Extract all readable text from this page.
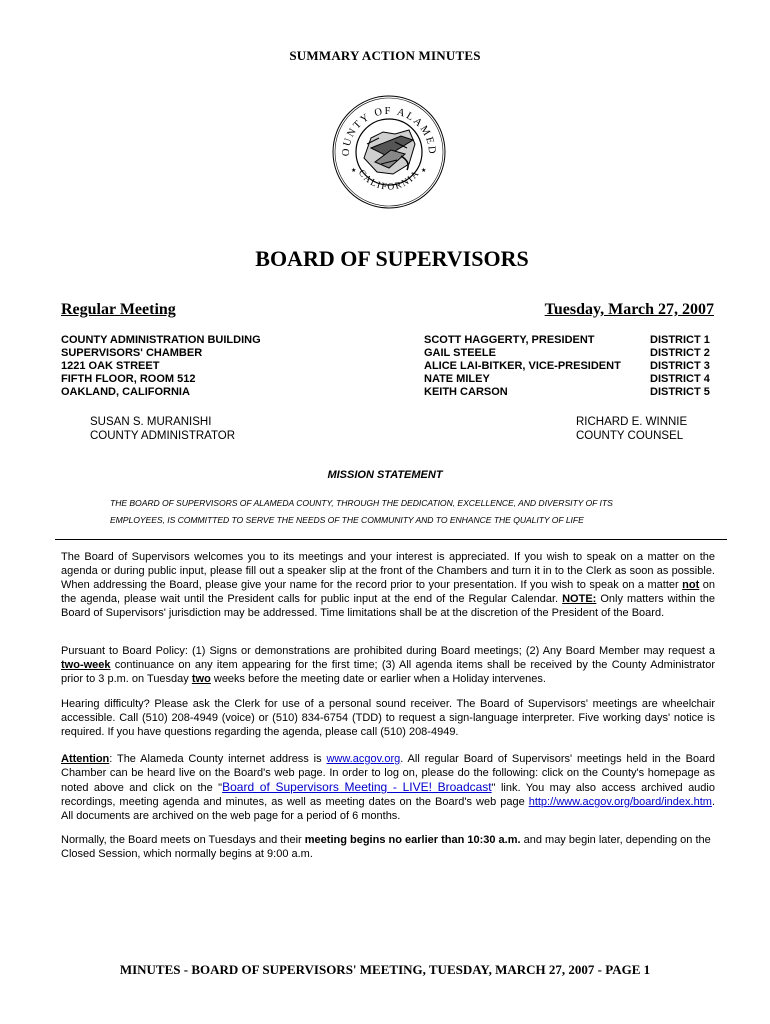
SUMMARY ACTION MINUTES
OUNTY OF ALAMED
CALIFORNIA
★	★
BOARD OF SUPERVISORS
Regular Meeting	Tuesday, March 27, 2007
COUNTY ADMINISTRATION BUILDING
SUPERVISORS' CHAMBER
1221 OAK STREET
FIFTH FLOOR, ROOM 512
OAKLAND, CALIFORNIA
SCOTT HAGGERTY, PRESIDENT
GAIL STEELE
ALICE LAI-BITKER, VICE-PRESIDENT
NATE MILEY
KEITH CARSON
DISTRICT 1
DISTRICT 2
DISTRICT 3
DISTRICT 4
DISTRICT 5
SUSAN S. MURANISHI
COUNTY ADMINISTRATOR
RICHARD E. WINNIE
COUNTY COUNSEL
MISSION STATEMENT
THE BOARD OF SUPERVISORS OF ALAMEDA COUNTY, THROUGH THE DEDICATION, EXCELLENCE, AND DIVERSITY OF ITS
EMPLOYEES, IS COMMITTED TO SERVE THE NEEDS OF THE COMMUNITY AND TO ENHANCE THE QUALITY OF LIFE
The Board of Supervisors welcomes you to its meetings and your interest is appreciated. If you wish to speak on a matter on the agenda or during public input, please fill out a speaker slip at the front of the Chambers and turn it in to the Clerk as soon as possible. When addressing the Board, please give your name for the record prior to your presentation. If you wish to speak on a matter not on the agenda, please wait until the President calls for public input at the end of the Regular Calendar. NOTE: Only matters within the Board of Supervisors' jurisdiction may be addressed. Time limitations shall be at the discretion of the President of the Board.
Pursuant to Board Policy: (1) Signs or demonstrations are prohibited during Board meetings; (2) Any Board Member may request a two-week continuance on any item appearing for the first time; (3) All agenda items shall be received by the County Administrator prior to 3 p.m. on Tuesday two weeks before the meeting date or earlier when a Holiday intervenes.
Hearing difficulty? Please ask the Clerk for use of a personal sound receiver. The Board of Supervisors' meetings are wheelchair accessible. Call (510) 208-4949 (voice) or (510) 834-6754 (TDD) to request a sign-language interpreter. Five working days' notice is required. If you have questions regarding the agenda, please call (510) 208-4949.
Attention: The Alameda County internet address is www.acgov.org. All regular Board of Supervisors' meetings held in the Board Chamber can be heard live on the Board's web page. In order to log on, please do the following: click on the County's homepage as noted above and click on the "Board of Supervisors Meeting - LIVE! Broadcast" link. You may also access archived audio recordings, meeting agenda and minutes, as well as meeting dates on the Board's web page http://www.acgov.org/board/index.htm. All documents are archived on the web page for a period of 6 months.
Normally, the Board meets on Tuesdays and their meeting begins no earlier than 10:30 a.m. and may begin later, depending on the Closed Session, which normally begins at 9:00 a.m.
MINUTES - BOARD OF SUPERVISORS' MEETING, TUESDAY, MARCH 27, 2007 - PAGE 1
